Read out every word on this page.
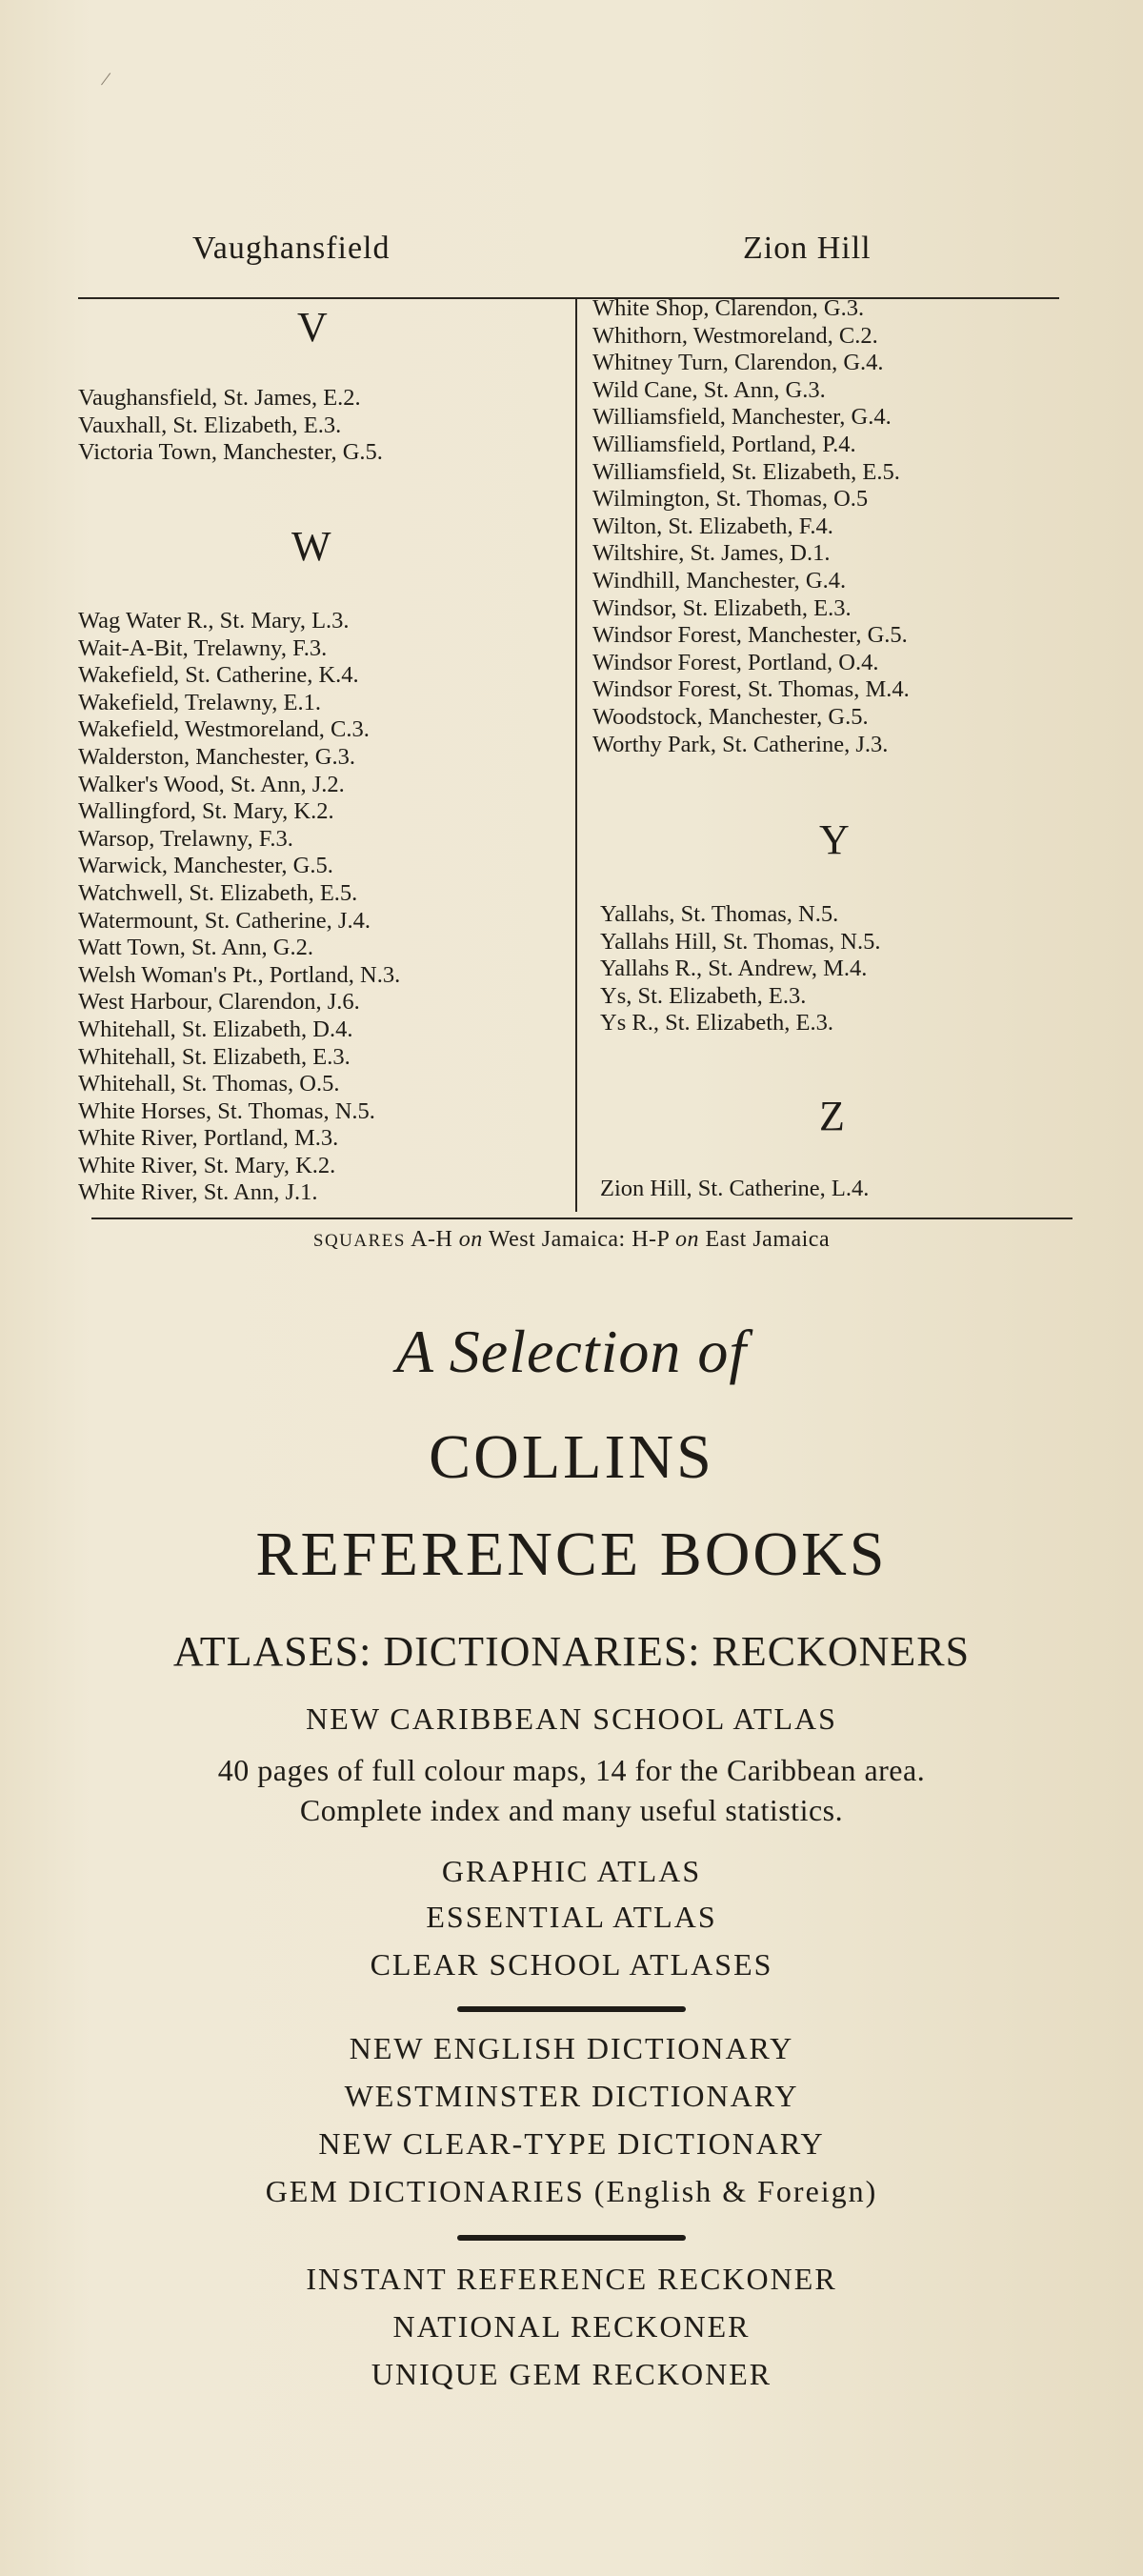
/
Vaughansfield	Zion Hill
V
Vaughansfield, St. James, E.2.
Vauxhall, St. Elizabeth, E.3.
Victoria Town, Manchester, G.5.
W
Wag Water R., St. Mary, L.3.
Wait-A-Bit, Trelawny, F.3.
Wakefield, St. Catherine, K.4.
Wakefield, Trelawny, E.1.
Wakefield, Westmoreland, C.3.
Walderston, Manchester, G.3.
Walker's Wood, St. Ann, J.2.
Wallingford, St. Mary, K.2.
Warsop, Trelawny, F.3.
Warwick, Manchester, G.5.
Watchwell, St. Elizabeth, E.5.
Watermount, St. Catherine, J.4.
Watt Town, St. Ann, G.2.
Welsh Woman's Pt., Portland, N.3.
West Harbour, Clarendon, J.6.
Whitehall, St. Elizabeth, D.4.
Whitehall, St. Elizabeth, E.3.
Whitehall, St. Thomas, O.5.
White Horses, St. Thomas, N.5.
White River, Portland, M.3.
White River, St. Mary, K.2.
White River, St. Ann, J.1.
White Shop, Clarendon, G.3.
Whithorn, Westmoreland, C.2.
Whitney Turn, Clarendon, G.4.
Wild Cane, St. Ann, G.3.
Williamsfield, Manchester, G.4.
Williamsfield, Portland, P.4.
Williamsfield, St. Elizabeth, E.5.
Wilmington, St. Thomas, O.5
Wilton, St. Elizabeth, F.4.
Wiltshire, St. James, D.1.
Windhill, Manchester, G.4.
Windsor, St. Elizabeth, E.3.
Windsor Forest, Manchester, G.5.
Windsor Forest, Portland, O.4.
Windsor Forest, St. Thomas, M.4.
Woodstock, Manchester, G.5.
Worthy Park, St. Catherine, J.3.
Y
Yallahs, St. Thomas, N.5.
Yallahs Hill, St. Thomas, N.5.
Yallahs R., St. Andrew, M.4.
Ys, St. Elizabeth, E.3.
Ys R., St. Elizabeth, E.3.
Z
Zion Hill, St. Catherine, L.4.
SQUARES A-H on West Jamaica: H-P on East Jamaica
A Selection of
COLLINS
REFERENCE BOOKS
ATLASES: DICTIONARIES: RECKONERS
NEW CARIBBEAN SCHOOL ATLAS
40 pages of full colour maps, 14 for the Caribbean area.
Complete index and many useful statistics.
GRAPHIC ATLAS
ESSENTIAL ATLAS
CLEAR SCHOOL ATLASES
NEW ENGLISH DICTIONARY
WESTMINSTER DICTIONARY
NEW CLEAR-TYPE DICTIONARY
GEM DICTIONARIES (English & Foreign)
INSTANT REFERENCE RECKONER
NATIONAL RECKONER
UNIQUE GEM RECKONER
